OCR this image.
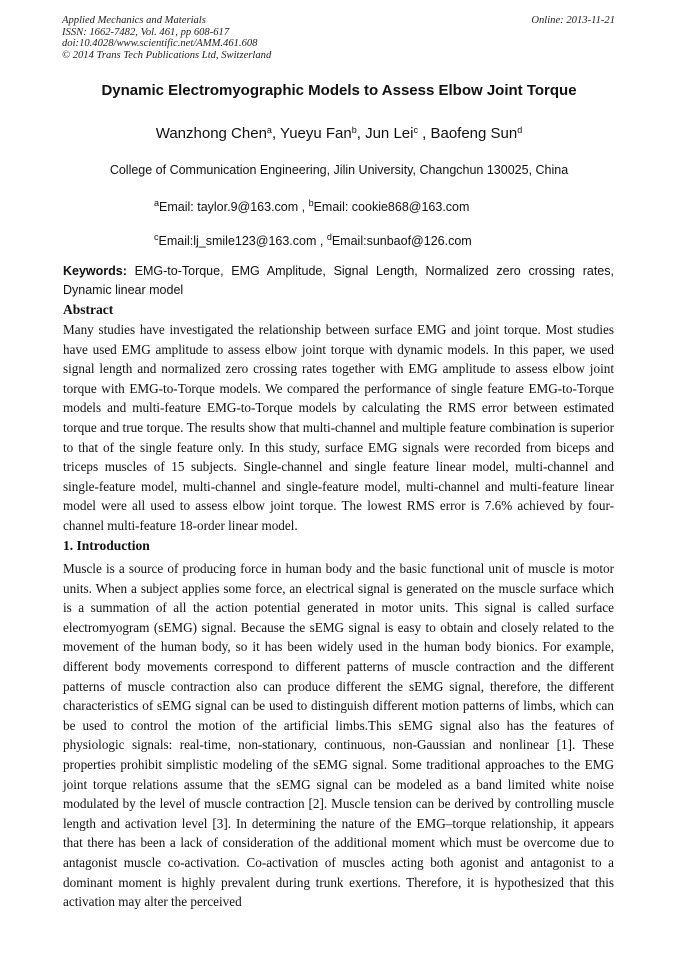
Applied Mechanics and Materials
ISSN: 1662-7482, Vol. 461, pp 608-617
doi:10.4028/www.scientific.net/AMM.461.608
© 2014 Trans Tech Publications Ltd, Switzerland
Online: 2013-11-21
Dynamic Electromyographic Models to Assess Elbow Joint Torque
Wanzhong Chen$^a$, Yueyu Fan$^b$, Jun Lei$^c$ , Baofeng Sun$^d$
College of Communication Engineering, Jilin University, Changchun 130025, China
$^a$Email: taylor.9@163.com , $^b$Email: cookie868@163.com
$^c$Email:lj_smile123@163.com , $^d$Email:sunbaof@126.com
Keywords: EMG-to-Torque, EMG Amplitude, Signal Length, Normalized zero crossing rates, Dynamic linear model
Abstract

Many studies have investigated the relationship between surface EMG and joint torque. Most studies have used EMG amplitude to assess elbow joint torque with dynamic models. In this paper, we used signal length and normalized zero crossing rates together with EMG amplitude to assess elbow joint torque with EMG-to-Torque models. We compared the performance of single feature EMG-to-Torque models and multi-feature EMG-to-Torque models by calculating the RMS error between estimated torque and true torque. The results show that multi-channel and multiple feature combination is superior to that of the single feature only. In this study, surface EMG signals were recorded from biceps and triceps muscles of 15 subjects. Single-channel and single feature linear model, multi-channel and single-feature model, multi-channel and single-feature model, multi-channel and multi-feature linear model were all used to assess elbow joint torque. The lowest RMS error is 7.6% achieved by four-channel multi-feature 18-order linear model.

1. Introduction

Muscle is a source of producing force in human body and the basic functional unit of muscle is motor units. When a subject applies some force, an electrical signal is generated on the muscle surface which is a summation of all the action potential generated in motor units. This signal is called surface electromyogram (sEMG) signal. Because the sEMG signal is easy to obtain and closely related to the movement of the human body, so it has been widely used in the human body bionics. For example, different body movements correspond to different patterns of muscle contraction and the different patterns of muscle contraction also can produce different the sEMG signal, therefore, the different characteristics of sEMG signal can be used to distinguish different motion patterns of limbs, which can be used to control the motion of the artificial limbs.This sEMG signal also has the features of physiologic signals: real-time, non-stationary, continuous, non-Gaussian and nonlinear [1]. These properties prohibit simplistic modeling of the sEMG signal. Some traditional approaches to the EMG joint torque relations assume that the sEMG signal can be modeled as a band limited white noise modulated by the level of muscle contraction [2]. Muscle tension can be derived by controlling muscle length and activation level [3]. In determining the nature of the EMG–torque relationship, it appears that there has been a lack of consideration of the additional moment which must be overcome due to antagonist muscle co-activation. Co-activation of muscles acting both agonist and antagonist to a dominant moment is highly prevalent during trunk exertions. Therefore, it is hypothesized that this activation may alter the perceived
